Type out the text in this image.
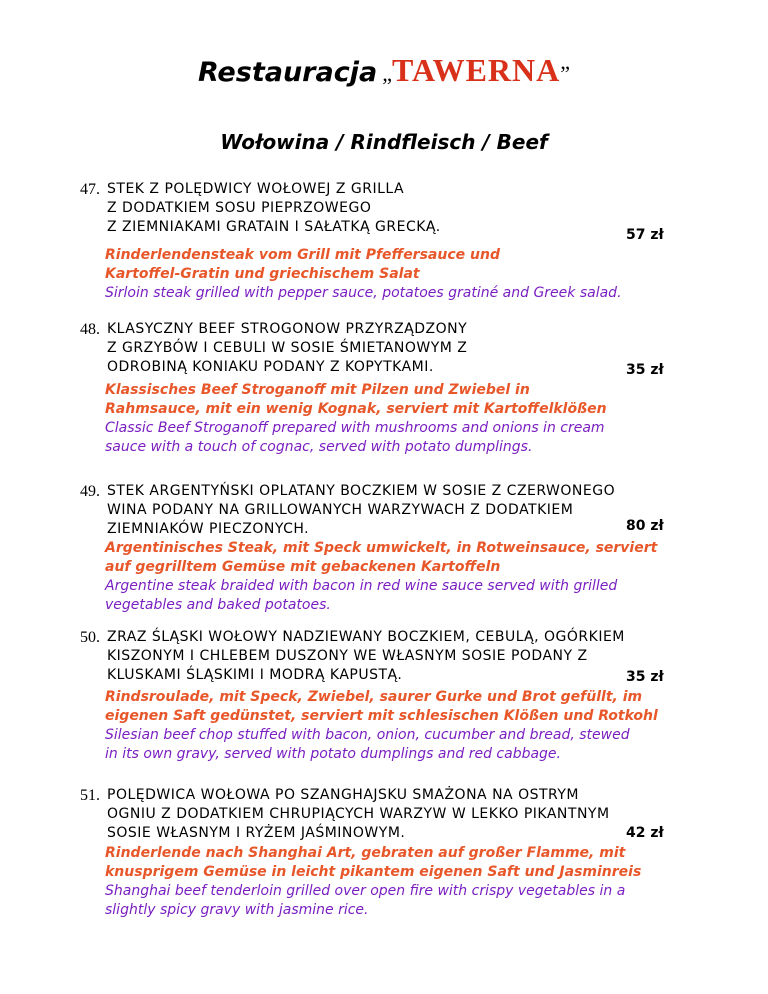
Restauracja „TAWERNA”
Wołowina / Rindfleisch / Beef
47. STEK Z POLĘDWICY WOŁOWEJ Z GRILLA
Z DODATKIEM SOSU PIEPRZOWEGO
Z ZIEMNIAKAMI GRATAIN I SAŁATKĄ GRECKĄ.	57 zł
Rinderlendensteak vom Grill mit Pfeffersauce und
Kartoffel-Gratin und griechischem Salat
Sirloin steak grilled with pepper sauce, potatoes gratiné and Greek salad.
48. KLASYCZNY BEEF STROGONOW PRZYRZĄDZONY
Z GRZYBÓW I CEBULI W SOSIE ŚMIETANOWYM Z
ODROBINĄ KONIAKU PODANY Z KOPYTKAMI.	35 zł
Klassisches Beef Stroganoff mit Pilzen und Zwiebel in
Rahmsauce, mit ein wenig Kognak, serviert mit Kartoffelklößen
Classic Beef Stroganoff prepared with mushrooms and onions in cream
sauce with a touch of cognac, served with potato dumplings.
49. STEK ARGENTYŃSKI OPLATANY BOCZKIEM W SOSIE Z CZERWONEGO
WINA PODANY NA GRILLOWANYCH WARZYWACH Z DODATKIEM
ZIEMNIAKÓW PIECZONYCH.	80 zł
Argentinisches Steak, mit Speck umwickelt, in Rotweinsauce, serviert
auf gegrilltem Gemüse mit gebackenen Kartoffeln
Argentine steak braided with bacon in red wine sauce served with grilled
vegetables and baked potatoes.
50. ZRAZ ŚLĄSKI WOŁOWY NADZIEWANY BOCZKIEM, CEBULĄ, OGÓRKIEM
KISZONYM I CHLEBEM DUSZONY WE WŁASNYM SOSIE PODANY Z
KLUSKAMI ŚLĄSKIMI I MODRĄ KAPUSTĄ.	35 zł
Rindsroulade, mit Speck, Zwiebel, saurer Gurke und Brot gefüllt, im
eigenen Saft gedünstet, serviert mit schlesischen Klößen und Rotkohl
Silesian beef chop stuffed with bacon, onion, cucumber and bread, stewed
in its own gravy, served with potato dumplings and red cabbage.
51. POLĘDWICA WOŁOWA PO SZANGHAJSKU SMAŻONA NA OSTRYM
OGNIU Z DODATKIEM CHRUPIĄCYCH WARZYW W LEKKO PIKANTNYM
SOSIE WŁASNYM I RYŻEM JAŚMINOWYM.	42 zł
Rinderlende nach Shanghai Art, gebraten auf großer Flamme, mit
knusprigem Gemüse in leicht pikantem eigenen Saft und Jasminreis
Shanghai beef tenderloin grilled over open fire with crispy vegetables in a
slightly spicy gravy with jasmine rice.
